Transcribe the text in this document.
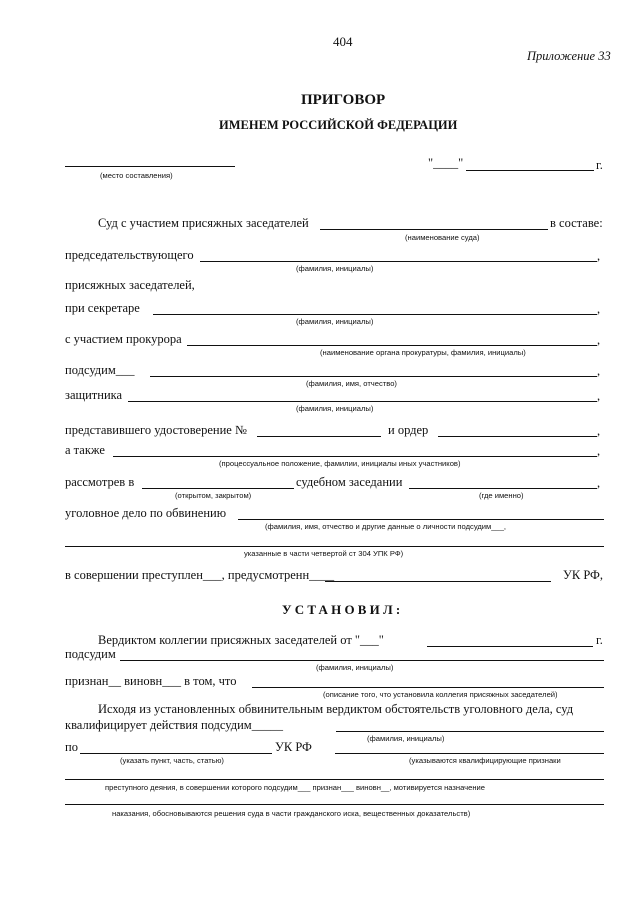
404
Приложение 33
ПРИГОВОР
ИМЕНЕМ РОССИЙСКОЙ ФЕДЕРАЦИИ
(место составления)
"____"	г.
Суд с участием присяжных заседателей
(наименование суда)
в составе:
председательствующего	,
(фамилия, инициалы)
присяжных заседателей,
при секретаре	,
(фамилия, инициалы)
с участием прокурора	,
(наименование органа прокуратуры, фамилия, инициалы)
подсудим___	,
(фамилия, имя, отчество)
защитника	,
(фамилия, инициалы)
представившего удостоверение №	и ордер	,
а также	,
(процессуальное положение, фамилии, инициалы иных участников)
рассмотрев в	судебном заседании	,
(открытом, закрытом)	(где именно)
уголовное дело по обвинению
(фамилия, имя, отчество и другие данные о личности подсудим___,
указанные в части четвертой ст 304 УПК РФ)
в совершении преступлен___, предусмотренн____	УК РФ,
УСТАНОВИЛ:
Вердиктом коллегии присяжных заседателей от "___"	г.
подсудим
(фамилия, инициалы)
признан__ виновн___ в том, что
(описание того, что установила коллегия присяжных заседателей)
Исходя из установленных обвинительным вердиктом обстоятельств уголовного дела, суд
квалифицирует действия подсудим_____
(фамилия, инициалы)
по	УК РФ
(указать пункт, часть, статью)	(указываются квалифицирующие признаки
преступного деяния, в совершении которого подсудим___ признан___ виновн__, мотивируется назначение
наказания, обосновываются решения суда в части гражданского иска, вещественных доказательств)
